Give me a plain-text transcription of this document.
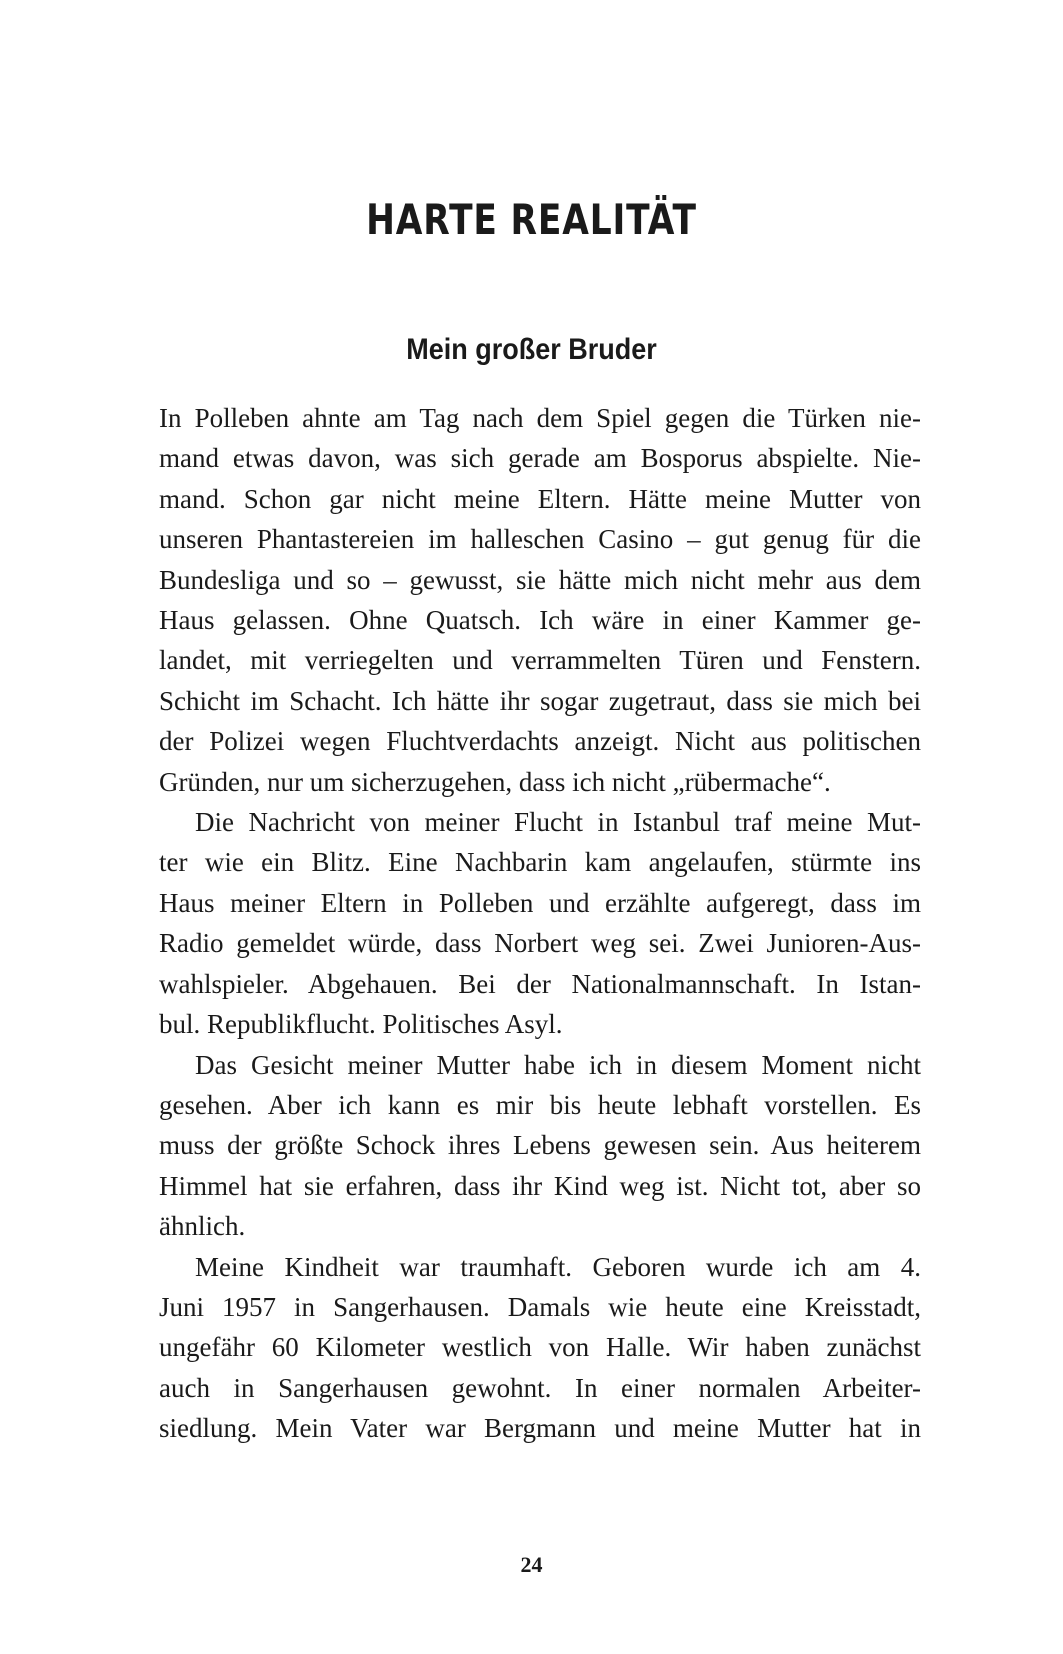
HARTE REALITÄT
Mein großer Bruder

In Polleben ahnte am Tag nach dem Spiel gegen die Türken nie-
mand etwas davon, was sich gerade am Bosporus abspielte. Nie-
mand. Schon gar nicht meine Eltern. Hätte meine Mutter von
unseren Phantastereien im halleschen Casino – gut genug für die
Bundesliga und so – gewusst, sie hätte mich nicht mehr aus dem
Haus gelassen. Ohne Quatsch. Ich wäre in einer Kammer ge-
landet, mit verriegelten und verrammelten Türen und Fenstern.
Schicht im Schacht. Ich hätte ihr sogar zugetraut, dass sie mich bei
der Polizei wegen Fluchtverdachts anzeigt. Nicht aus politischen
Gründen, nur um sicherzugehen, dass ich nicht „rübermache“.

Die Nachricht von meiner Flucht in Istanbul traf meine Mut-
ter wie ein Blitz. Eine Nachbarin kam angelaufen, stürmte ins
Haus meiner Eltern in Polleben und erzählte aufgeregt, dass im
Radio gemeldet würde, dass Norbert weg sei. Zwei Junioren-Aus-
wahlspieler. Abgehauen. Bei der Nationalmannschaft. In Istan-
bul. Republikflucht. Politisches Asyl.

Das Gesicht meiner Mutter habe ich in diesem Moment nicht
gesehen. Aber ich kann es mir bis heute lebhaft vorstellen. Es
muss der größte Schock ihres Lebens gewesen sein. Aus heiterem
Himmel hat sie erfahren, dass ihr Kind weg ist. Nicht tot, aber so
ähnlich.

Meine Kindheit war traumhaft. Geboren wurde ich am 4.
Juni 1957 in Sangerhausen. Damals wie heute eine Kreisstadt,
ungefähr 60 Kilometer westlich von Halle. Wir haben zunächst
auch in Sangerhausen gewohnt. In einer normalen Arbeiter-
siedlung. Mein Vater war Bergmann und meine Mutter hat in

24
